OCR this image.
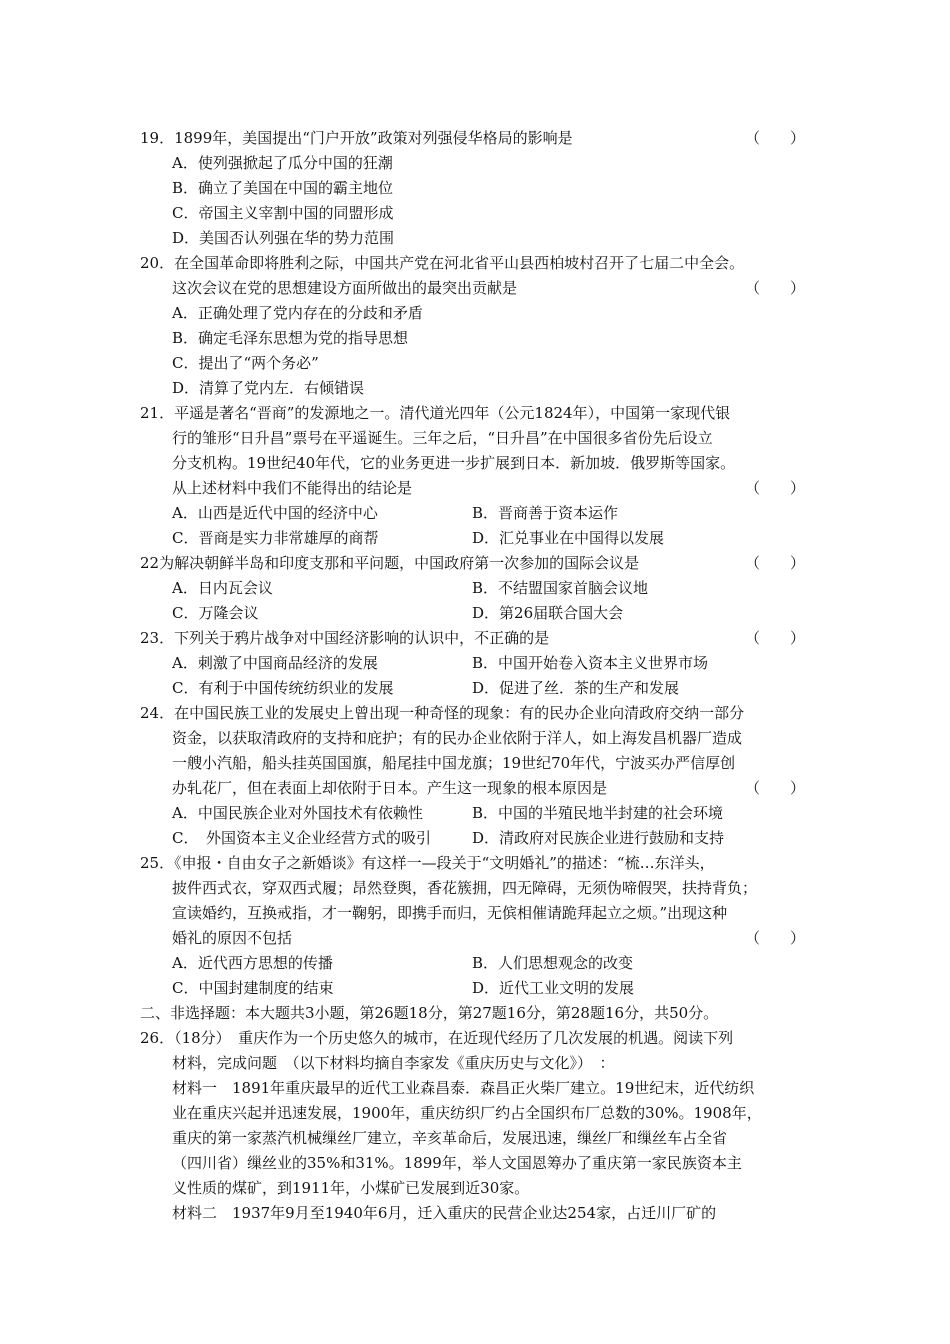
19．1899年，美国提出“门户开放”政策对列强侵华格局的影响是	（　　）
A．使列强掀起了瓜分中国的狂潮
B．确立了美国在中国的霸主地位
C．帝国主义宰割中国的同盟形成
D．美国否认列强在华的势力范围
20．在全国革命即将胜利之际，中国共产党在河北省平山县西柏坡村召开了七届二中全会。
这次会议在党的思想建设方面所做出的最突出贡献是	（　　）
A．正确处理了党内存在的分歧和矛盾
B．确定毛泽东思想为党的指导思想
C．提出了“两个务必”
D．清算了党内左．右倾错误
21．平遥是著名“晋商”的发源地之一。清代道光四年（公元1824年），中国第一家现代银
行的雏形“日升昌”票号在平遥诞生。三年之后，“日升昌”在中国很多省份先后设立
分支机构。19世纪40年代，它的业务更进一步扩展到日本．新加坡．俄罗斯等国家。
从上述材料中我们不能得出的结论是	（　　）
A．山西是近代中国的经济中心	B．晋商善于资本运作
C．晋商是实力非常雄厚的商帮	D．汇兑事业在中国得以发展
22为解决朝鲜半岛和印度支那和平问题，中国政府第一次参加的国际会议是	（　　）
A．日内瓦会议	B．不结盟国家首脑会议地
C．万隆会议	D．第26届联合国大会
23．下列关于鸦片战争对中国经济影响的认识中，不正确的是	（　　）
A．刺激了中国商品经济的发展	B．中国开始卷入资本主义世界市场
C．有利于中国传统纺织业的发展	D．促进了丝．茶的生产和发展
24．在中国民族工业的发展史上曾出现一种奇怪的现象：有的民办企业向清政府交纳一部分
资金，以获取清政府的支持和庇护；有的民办企业依附于洋人，如上海发昌机器厂造成
一艘小汽船，船头挂英国国旗，船尾挂中国龙旗；19世纪70年代，宁波买办严信厚创
办轧花厂，但在表面上却依附于日本。产生这一现象的根本原因是	（　　）
A．中国民族企业对外国技术有依赖性	B．中国的半殖民地半封建的社会环境
C．　外国资本主义企业经营方式的吸引	D．清政府对民族企业进行鼓励和支持
25．《申报・自由女子之新婚谈》有这样一—段关于“文明婚礼”的描述：“梳…东洋头，
披件西式衣，穿双西式履；昂然登舆，香花簇拥，四无障碍，无须伪啼假哭，扶持背负；
宣读婚约，互换戒指，才一鞠躬，即携手而归，无傧相催请跪拜起立之烦。”出现这种
婚礼的原因不包括	（　　）
A．近代西方思想的传播	B．人们思想观念的改变
C．中国封建制度的结束	D．近代工业文明的发展
二、非选择题：本大题共3小题，第26题18分，第27题16分，第28题16分，共50分。
26．（18分）　重庆作为一个历史悠久的城市，在近现代经历了几次发展的机遇。阅读下列
材料，完成问题　（以下材料均摘自李家发《重庆历史与文化》）　：
材料一　1891年重庆最早的近代工业森昌泰．森昌正火柴厂建立。19世纪末，近代纺织
业在重庆兴起并迅速发展，1900年，重庆纺织厂约占全国织布厂总数的30%。1908年，
重庆的第一家蒸汽机械缫丝厂建立，辛亥革命后，发展迅速，缫丝厂和缫丝车占全省
（四川省）缫丝业的35%和31%。1899年，举人文国恩筹办了重庆第一家民族资本主
义性质的煤矿，到1911年，小煤矿已发展到近30家。
材料二　1937年9月至1940年6月，迁入重庆的民营企业达254家，占迁川厂矿的
